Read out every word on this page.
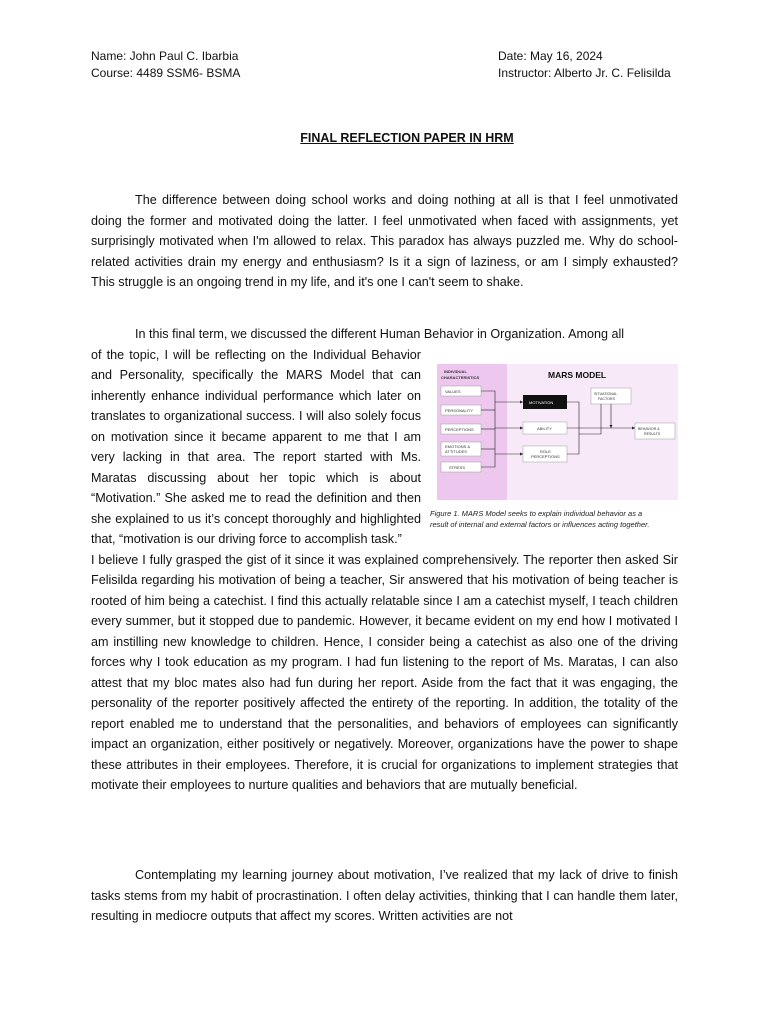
Name: John Paul C. Ibarbia
Course: 4489 SSM6- BSMA
Date: May 16, 2024
Instructor: Alberto Jr. C. Felisilda
FINAL REFLECTION PAPER IN HRM

The difference between doing school works and doing nothing at all is that I feel unmotivated doing the former and motivated doing the latter. I feel unmotivated when faced with assignments, yet surprisingly motivated when I'm allowed to relax. This paradox has always puzzled me. Why do school-related activities drain my energy and enthusiasm? Is it a sign of laziness, or am I simply exhausted? This struggle is an ongoing trend in my life, and it's one I can't seem to shake.

In this final term, we discussed the different Human Behavior in Organization. Among all
of the topic, I will be reflecting on the Individual Behavior and Personality, specifically the MARS Model that can inherently enhance individual performance which later on translates to organizational success. I will also solely focus on motivation since it became apparent to me that I am very lacking in that area. The report started with Ms. Maratas discussing about her topic which is about “Motivation.” She asked me to read the definition and then she explained to us it’s concept thoroughly and highlighted that, “motivation is our driving force to accomplish task.”
I believe I fully grasped the gist of it since it was explained comprehensively. The reporter then asked Sir Felisilda regarding his motivation of being a teacher, Sir answered that his motivation of being teacher is rooted of him being a catechist. I find this actually relatable since I am a catechist myself, I teach children every summer, but it stopped due to pandemic. However, it became evident on my end how I motivated I am instilling new knowledge to children. Hence, I consider being a catechist as also one of the driving forces why I took education as my program. I had fun listening to the report of Ms. Maratas, I can also attest that my bloc mates also had fun during her report. Aside from the fact that it was engaging, the personality of the reporter positively affected the entirety of the reporting. In addition, the totality of the report enabled me to understand that the personalities, and behaviors of employees can significantly impact an organization, either positively or negatively. Moreover, organizations have the power to shape these attributes in their employees. Therefore, it is crucial for organizations to implement strategies that motivate their employees to nurture qualities and behaviors that are mutually beneficial.

Contemplating my learning journey about motivation, I’ve realized that my lack of drive to finish tasks stems from my habit of procrastination. I often delay activities, thinking that I can handle them later, resulting in mediocre outputs that affect my scores. Written activities are not

INDIVIDUAL
CHARACTERISTICS
VALUES
PERSONALITY
PERCEPTIONS
EMOTIONS &
ATTITUDES
STRESS
MARS MODEL
SITUATIONAL
FACTORS
MOTIVATION
ABILITY
ROLE
PERCEPTIONS
BEHAVIOR &
RESULTS
Figure 1. MARS Model seeks to explain individual behavior as a result of internal and external factors or influences acting together.
